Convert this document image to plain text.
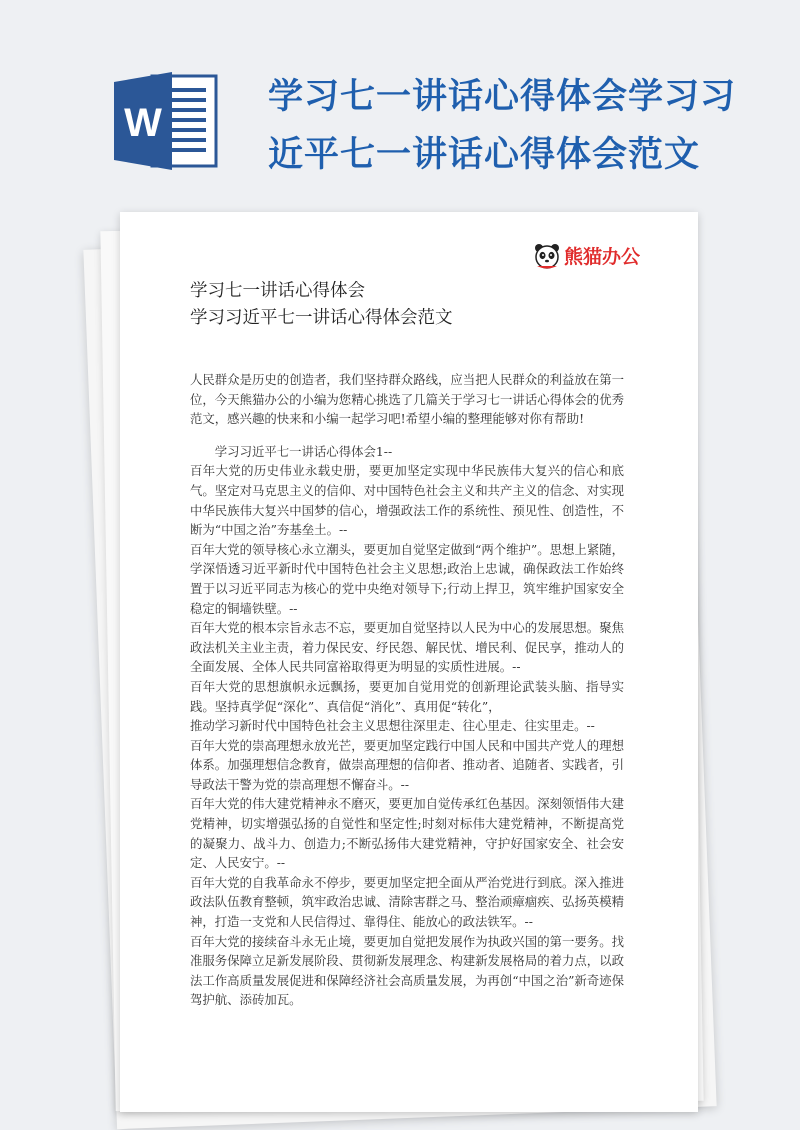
W
学习七一讲话心得体会学习习
近平七一讲话心得体会范文
熊猫办公
学习七一讲话心得体会
学习习近平七一讲话心得体会范文

人民群众是历史的创造者，我们坚持群众路线，应当把人民群众的利益放在第一位，今天熊猫办公的小编为您精心挑选了几篇关于学习七一讲话心得体会的优秀范文，感兴趣的快来和小编一起学习吧!希望小编的整理能够对你有帮助!

学习习近平七一讲话心得体会1--

百年大党的历史伟业永载史册，要更加坚定实现中华民族伟大复兴的信心和底气。坚定对马克思主义的信仰、对中国特色社会主义和共产主义的信念、对实现中华民族伟大复兴中国梦的信心，增强政法工作的系统性、预见性、创造性，不断为“中国之治”夯基垒土。--

百年大党的领导核心永立潮头，要更加自觉坚定做到“两个维护”。思想上紧随，学深悟透习近平新时代中国特色社会主义思想;政治上忠诚，确保政法工作始终置于以习近平同志为核心的党中央绝对领导下;行动上捍卫，筑牢维护国家安全稳定的铜墙铁壁。--

百年大党的根本宗旨永志不忘，要更加自觉坚持以人民为中心的发展思想。聚焦政法机关主业主责，着力保民安、纾民怨、解民忧、增民利、促民享，推动人的全面发展、全体人民共同富裕取得更为明显的实质性进展。--

百年大党的思想旗帜永远飘扬，要更加自觉用党的创新理论武装头脑、指导实践。坚持真学促“深化”、真信促“消化”、真用促“转化”，

推动学习新时代中国特色社会主义思想往深里走、往心里走、往实里走。--

百年大党的崇高理想永放光芒，要更加坚定践行中国人民和中国共产党人的理想体系。加强理想信念教育，做崇高理想的信仰者、推动者、追随者、实践者，引导政法干警为党的崇高理想不懈奋斗。--

百年大党的伟大建党精神永不磨灭，要更加自觉传承红色基因。深刻领悟伟大建党精神，切实增强弘扬的自觉性和坚定性;时刻对标伟大建党精神，不断提高党的凝聚力、战斗力、创造力;不断弘扬伟大建党精神，守护好国家安全、社会安定、人民安宁。--

百年大党的自我革命永不停步，要更加坚定把全面从严治党进行到底。深入推进政法队伍教育整顿，筑牢政治忠诚、清除害群之马、整治顽瘴痼疾、弘扬英模精神，打造一支党和人民信得过、靠得住、能放心的政法铁军。--

百年大党的接续奋斗永无止境，要更加自觉把发展作为执政兴国的第一要务。找准服务保障立足新发展阶段、贯彻新发展理念、构建新发展格局的着力点，以政法工作高质量发展促进和保障经济社会高质量发展，为再创“中国之治”新奇迹保驾护航、添砖加瓦。
